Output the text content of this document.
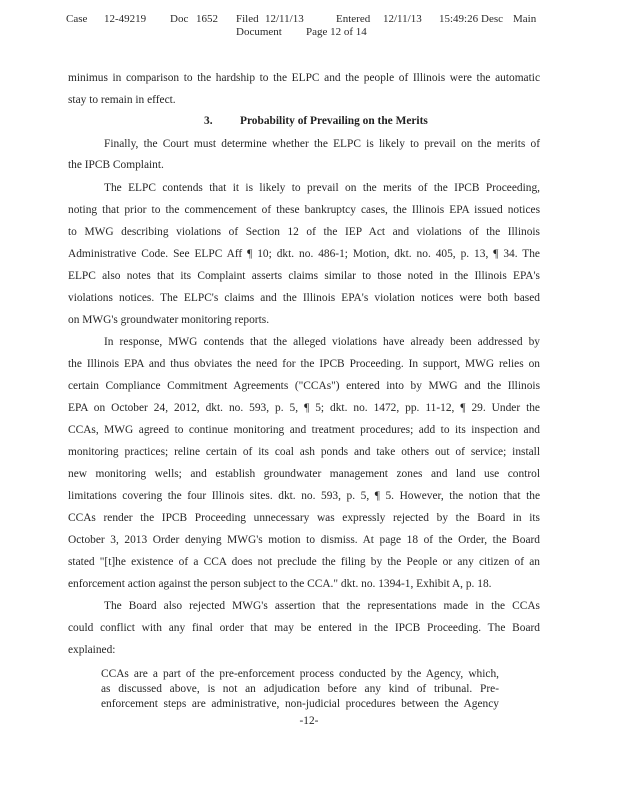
Case 12-49219 Doc 1652 Filed 12/11/13	Entered 12/11/13 15:49:26 Desc Main
Document Page 12 of 14
minimus in comparison to the hardship to the ELPC and the people of Illinois were the automatic
stay to remain in effect.
3. Probability of Prevailing on the Merits
Finally, the Court must determine whether the ELPC is likely to prevail on the merits of
the IPCB Complaint.
The ELPC contends that it is likely to prevail on the merits of the IPCB Proceeding,
noting that prior to the commencement of these bankruptcy cases, the Illinois EPA issued notices
to MWG describing violations of Section 12 of the IEP Act and violations of the Illinois
Administrative Code. See ELPC Aff ¶ 10; dkt. no. 486-1; Motion, dkt. no. 405, p. 13, ¶ 34. The
ELPC also notes that its Complaint asserts claims similar to those noted in the Illinois EPA's
violations notices. The ELPC's claims and the Illinois EPA's violation notices were both based
on MWG's groundwater monitoring reports.
In response, MWG contends that the alleged violations have already been addressed by
the Illinois EPA and thus obviates the need for the IPCB Proceeding. In support, MWG relies on
certain Compliance Commitment Agreements ("CCAs") entered into by MWG and the Illinois
EPA on October 24, 2012, dkt. no. 593, p. 5, ¶ 5; dkt. no. 1472, pp. 11-12, ¶ 29. Under the
CCAs, MWG agreed to continue monitoring and treatment procedures; add to its inspection and
monitoring practices; reline certain of its coal ash ponds and take others out of service; install
new monitoring wells; and establish groundwater management zones and land use control
limitations covering the four Illinois sites. dkt. no. 593, p. 5, ¶ 5. However, the notion that the
CCAs render the IPCB Proceeding unnecessary was expressly rejected by the Board in its
October 3, 2013 Order denying MWG's motion to dismiss. At page 18 of the Order, the Board
stated "[t]he existence of a CCA does not preclude the filing by the People or any citizen of an
enforcement action against the person subject to the CCA." dkt. no. 1394-1, Exhibit A, p. 18.
The Board also rejected MWG's assertion that the representations made in the CCAs
could conflict with any final order that may be entered in the IPCB Proceeding. The Board
explained:
CCAs are a part of the pre-enforcement process conducted by the Agency, which,
as discussed above, is not an adjudication before any kind of tribunal. Pre-
enforcement steps are administrative, non-judicial procedures between the Agency
-12-
